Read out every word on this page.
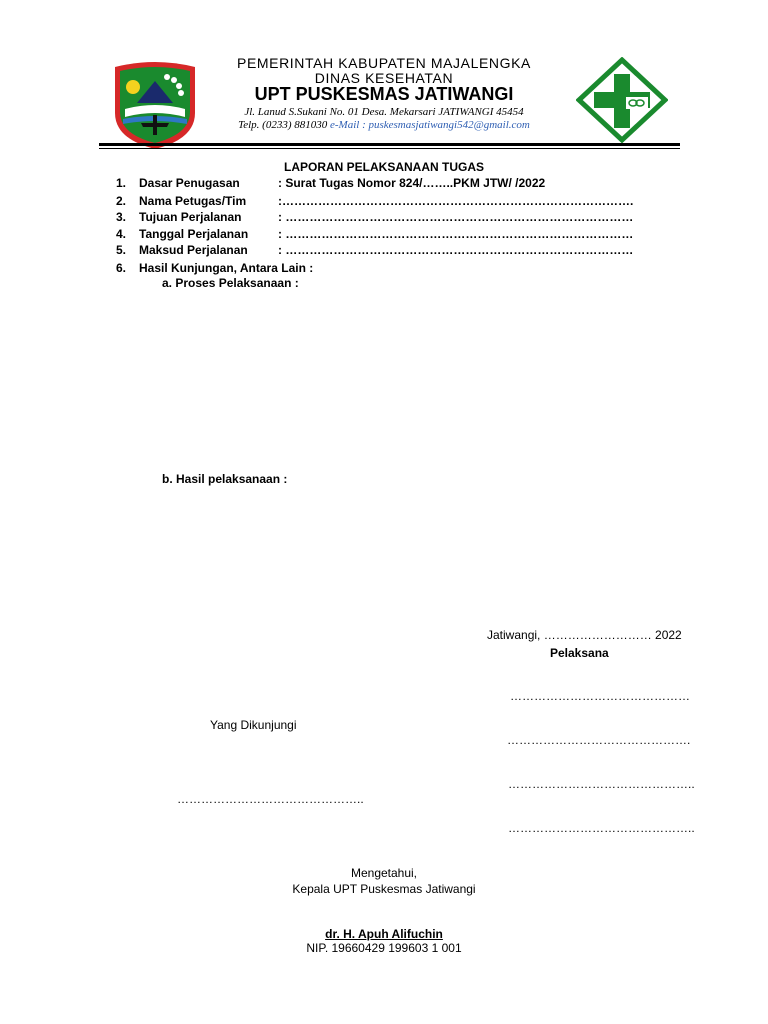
PEMERINTAH KABUPATEN MAJALENGKA
DINAS KESEHATAN
UPT PUSKESMAS JATIWANGI
Jl. Lanud S.Sukani No. 01 Desa. Mekarsari JATIWANGI 45454
Telp. (0233) 881030 e-Mail : puskesmasjatiwangi542@gmail.com
LAPORAN PELAKSANAAN TUGAS
1.	Dasar Penugasan	: Surat Tugas Nomor 824/……..PKM JTW/ /2022
2.	Nama Petugas/Tim	:…………………………………………………………………………….
3.	Tujuan Perjalanan	: ……………………………………………………………………………
4.	Tanggal Perjalanan : ……………………………………………………………………………
5.	Maksud Perjalanan	: ……………………………………………………………………………
6.	Hasil Kunjungan, Antara Lain :
a. Proses Pelaksanaan :
b. Hasil pelaksanaan :
Jatiwangi, ……………………… 2022
Pelaksana
………………………………………
Yang Dikunjungi
……………………………………….
………………………………………..
………………………………………..
………………………………………..
Mengetahui,
Kepala UPT Puskesmas Jatiwangi
dr. H. Apuh Alifuchin
NIP. 19660429 199603 1 001
